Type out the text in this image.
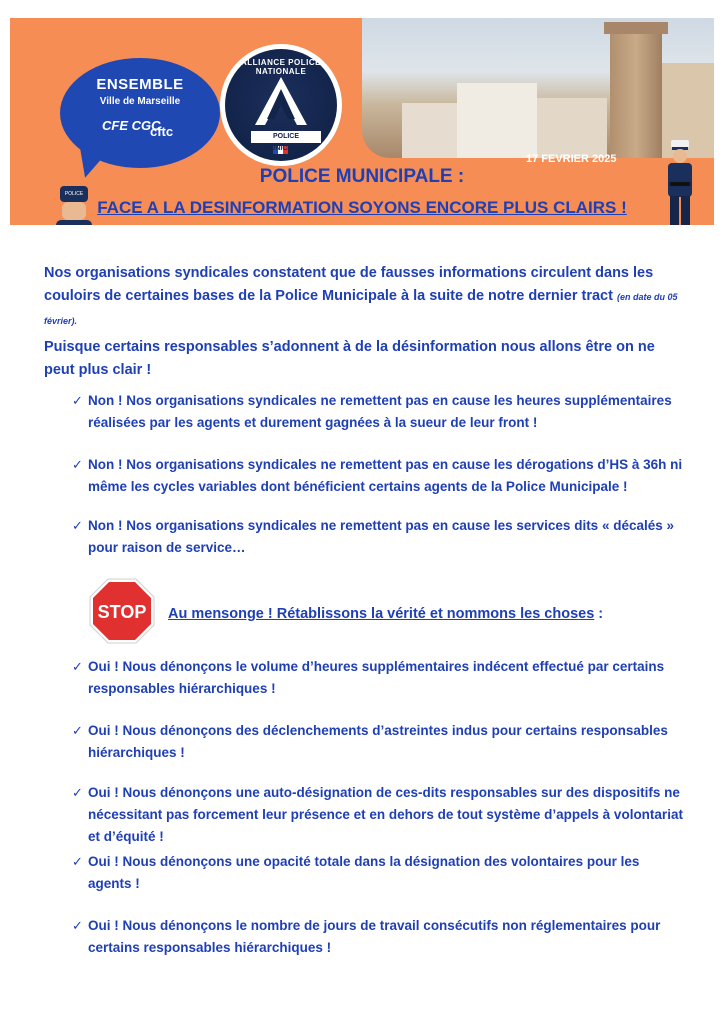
ENSEMBLE
Ville de Marseille
CFE CGC
cftc
ALLIANCE POLICE NATIONALE
POLICE MUNICIPALE
POLICE
17 FEVRIER 2025
POLICE MUNICIPALE :
FACE A LA DESINFORMATION SOYONS ENCORE PLUS CLAIRS !
Nos organisations syndicales constatent que de fausses informations circulent dans les couloirs de certaines bases de la Police Municipale à la suite de notre dernier tract (en date du 05 février).
Puisque certains responsables s’adonnent à de la désinformation nous allons être on ne peut plus clair !
✓ Non ! Nos organisations syndicales ne remettent pas en cause les heures supplémentaires réalisées par les agents et durement gagnées à la sueur de leur front !
✓ Non ! Nos organisations syndicales ne remettent pas en cause les dérogations d’HS à 36h ni même les cycles variables dont bénéficient certains agents de la Police Municipale !
✓ Non ! Nos organisations syndicales ne remettent pas en cause les services dits « décalés » pour raison de service…
STOP Au mensonge ! Rétablissons la vérité et nommons les choses :
✓ Oui ! Nous dénonçons le volume d’heures supplémentaires indécent effectué par certains responsables hiérarchiques !
✓ Oui ! Nous dénonçons des déclenchements d’astreintes indus pour certains responsables hiérarchiques !
✓ Oui ! Nous dénonçons une auto-désignation de ces-dits responsables sur des dispositifs ne nécessitant pas forcement leur présence et en dehors de tout système d’appels à volontariat et d’équité !
✓ Oui ! Nous dénonçons une opacité totale dans la désignation des volontaires pour les agents !
✓ Oui ! Nous dénonçons le nombre de jours de travail consécutifs non réglementaires pour certains responsables hiérarchiques !
